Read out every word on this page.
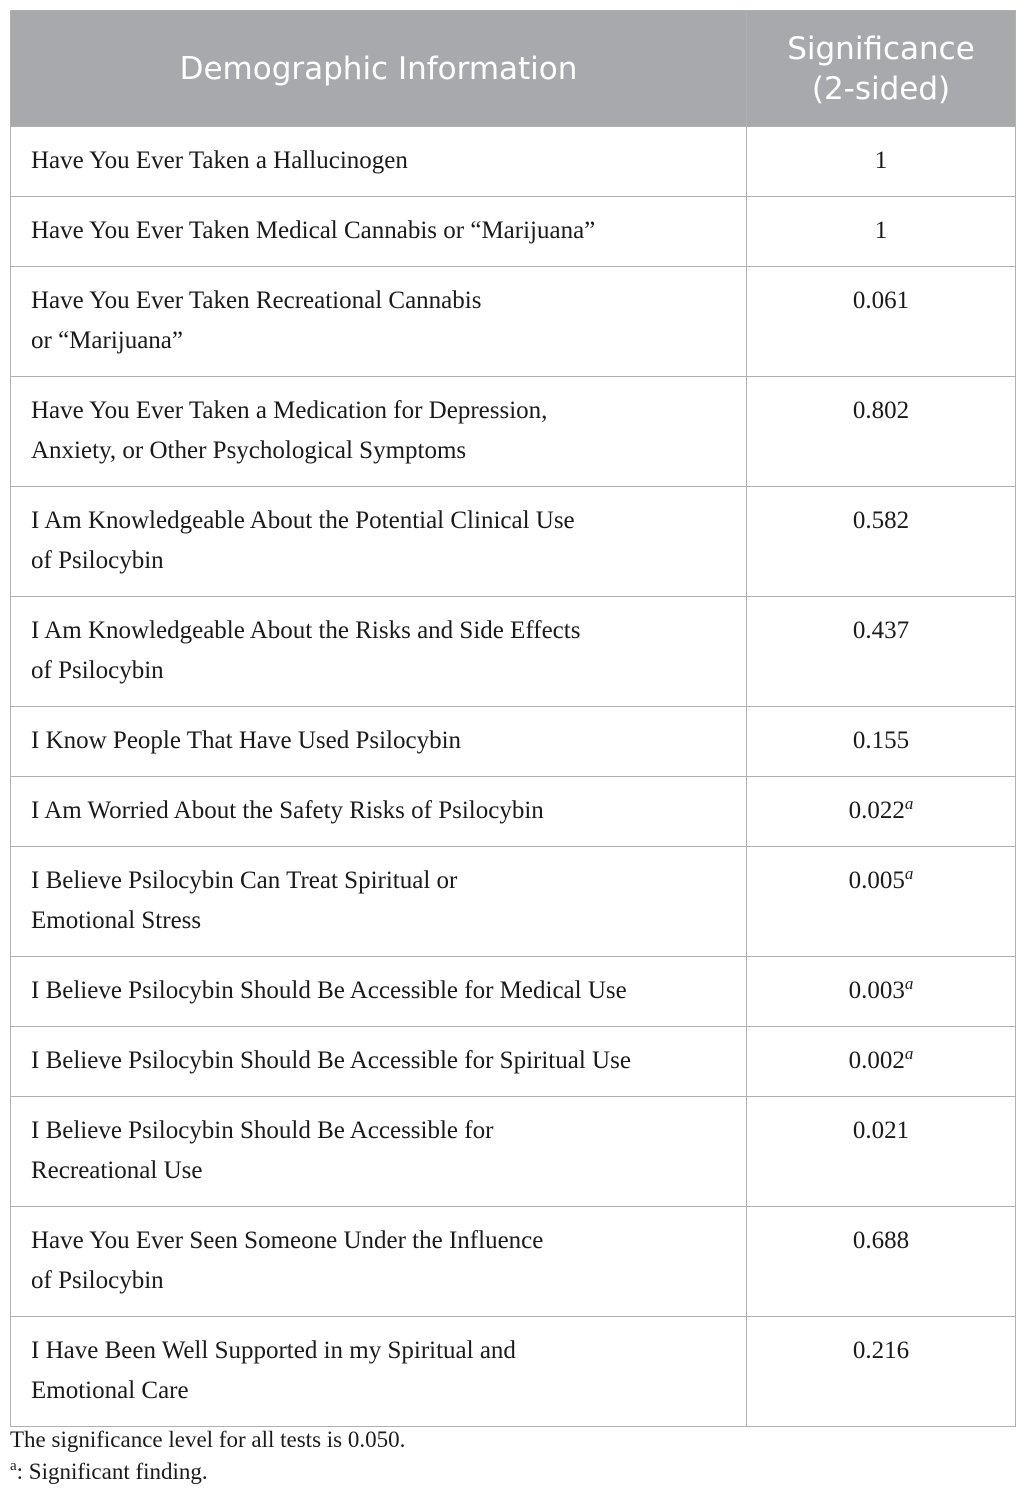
Demographic Information	Significance
(2-sided)
Have You Ever Taken a Hallucinogen	1
Have You Ever Taken Medical Cannabis or “Marijuana”	1
Have You Ever Taken Recreational Cannabis
or “Marijuana”	0.061
Have You Ever Taken a Medication for Depression,
Anxiety, or Other Psychological Symptoms	0.802
I Am Knowledgeable About the Potential Clinical Use
of Psilocybin	0.582
I Am Knowledgeable About the Risks and Side Effects
of Psilocybin	0.437
I Know People That Have Used Psilocybin	0.155
I Am Worried About the Safety Risks of Psilocybin	0.022$^a$
I Believe Psilocybin Can Treat Spiritual or
Emotional Stress	0.005$^a$
I Believe Psilocybin Should Be Accessible for Medical Use	0.003$^a$
I Believe Psilocybin Should Be Accessible for Spiritual Use	0.002$^a$
I Believe Psilocybin Should Be Accessible for
Recreational Use	0.021
Have You Ever Seen Someone Under the Influence
of Psilocybin	0.688
I Have Been Well Supported in my Spiritual and
Emotional Care	0.216

The significance level for all tests is 0.050.

$^a$: Significant finding.
